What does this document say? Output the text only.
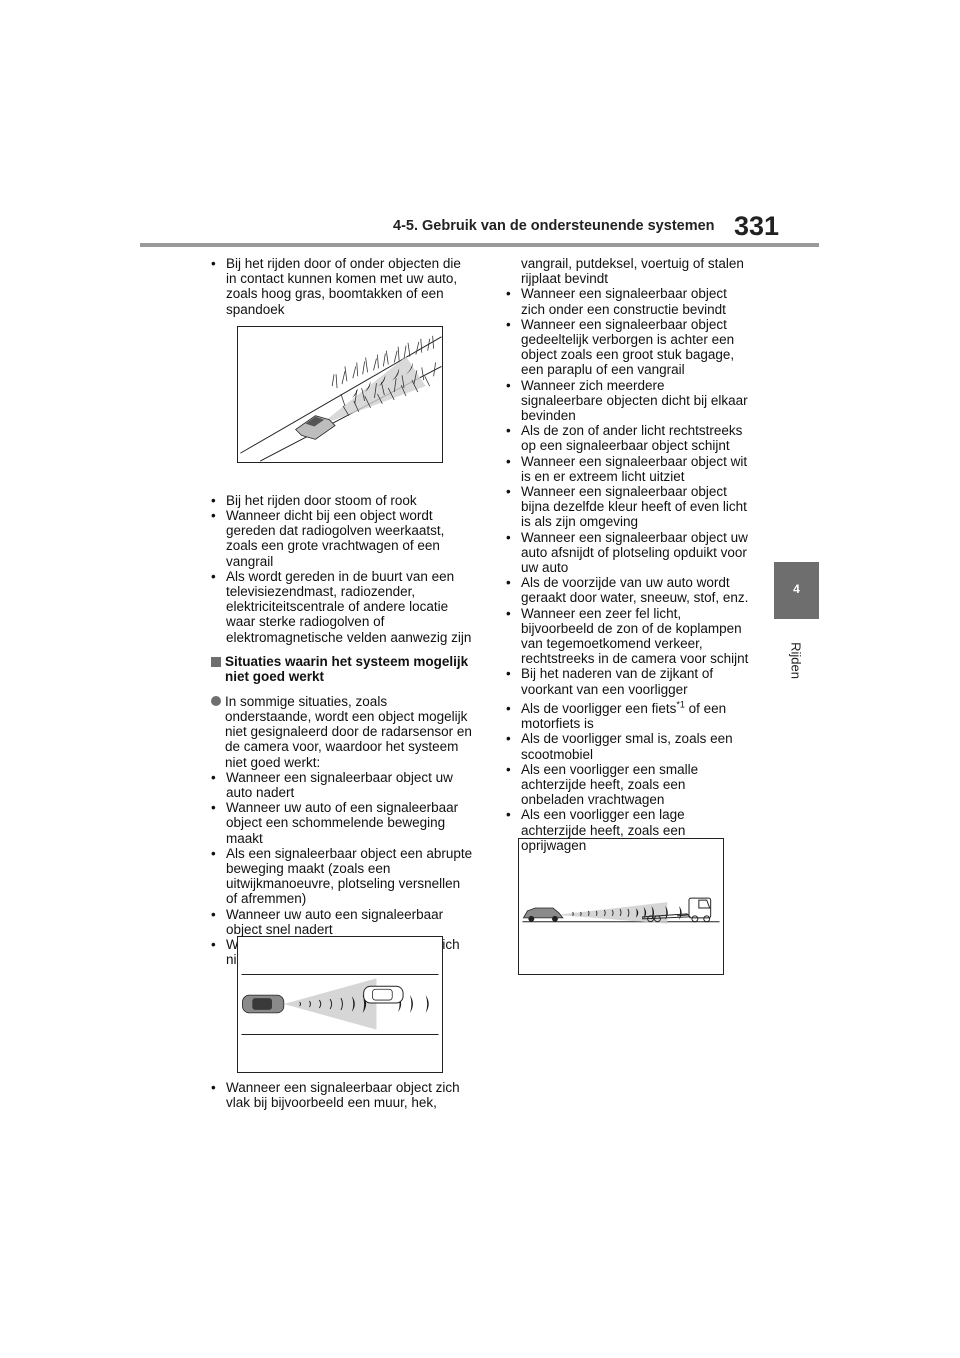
4-5. Gebruik van de ondersteunende systemen 331
4
Rijden
• Bij het rijden door of onder objecten die in contact kunnen komen met uw auto, zoals hoog gras, boomtakken of een spandoek
• Bij het rijden door stoom of rook
• Wanneer dicht bij een object wordt gereden dat radiogolven weerkaatst, zoals een grote vrachtwagen of een vangrail
• Als wordt gereden in de buurt van een televisiezendmast, radiozender, elektriciteitscentrale of andere locatie waar sterke radiogolven of elektromagnetische velden aanwezig zijn
Situaties waarin het systeem mogelijk niet goed werkt
In sommige situaties, zoals onderstaande, wordt een object mogelijk niet gesignaleerd door de radarsensor en de camera voor, waardoor het systeem niet goed werkt:
• Wanneer een signaleerbaar object uw auto nadert
• Wanneer uw auto of een signaleerbaar object een schommelende beweging maakt
• Als een signaleerbaar object een abrupte beweging maakt (zoals een uitwijkmanoeuvre, plotseling versnellen of afremmen)
• Wanneer uw auto een signaleerbaar object snel nadert
• Wanneer een signaleerbaar object zich niet direct voor uw auto bevindt
• Wanneer een signaleerbaar object zich vlak bij bijvoorbeeld een muur, hek,
vangrail, putdeksel, voertuig of stalen rijplaat bevindt
• Wanneer een signaleerbaar object zich onder een constructie bevindt
• Wanneer een signaleerbaar object gedeeltelijk verborgen is achter een object zoals een groot stuk bagage, een paraplu of een vangrail
• Wanneer zich meerdere signaleerbare objecten dicht bij elkaar bevinden
• Als de zon of ander licht rechtstreeks op een signaleerbaar object schijnt
• Wanneer een signaleerbaar object wit is en er extreem licht uitziet
• Wanneer een signaleerbaar object bijna dezelfde kleur heeft of even licht is als zijn omgeving
• Wanneer een signaleerbaar object uw auto afsnijdt of plotseling opduikt voor uw auto
• Als de voorzijde van uw auto wordt geraakt door water, sneeuw, stof, enz.
• Wanneer een zeer fel licht, bijvoorbeeld de zon of de koplampen van tegemoetkomend verkeer, rechtstreeks in de camera voor schijnt
• Bij het naderen van de zijkant of voorkant van een voorligger
• Als de voorligger een fiets$^{*1}$ of een motorfiets is
• Als de voorligger smal is, zoals een scootmobiel
• Als een voorligger een smalle achterzijde heeft, zoals een onbeladen vrachtwagen
• Als een voorligger een lage achterzijde heeft, zoals een oprijwagen
